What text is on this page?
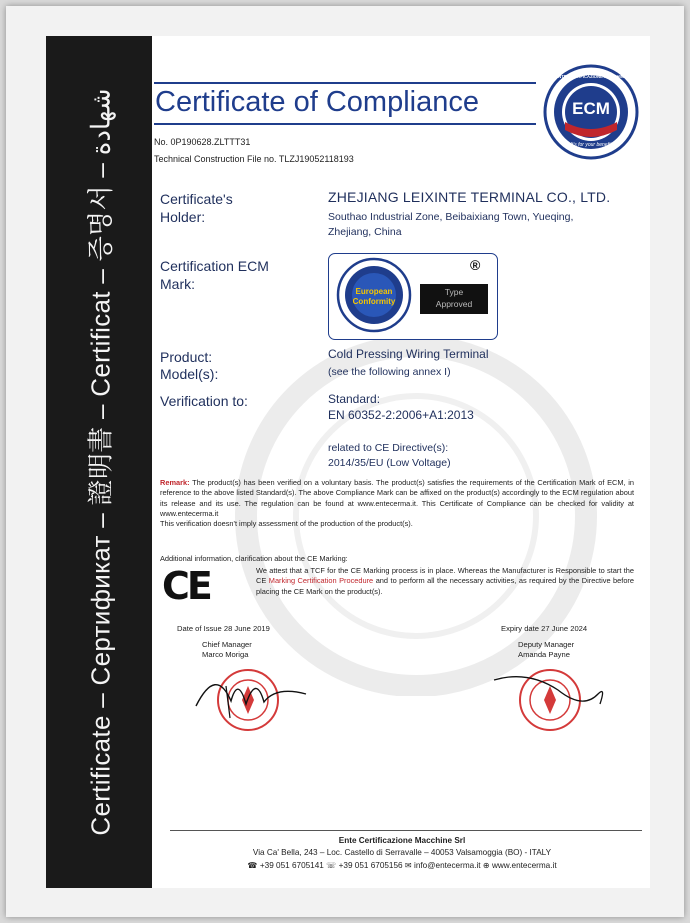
Certificate – Сертификат – 證明書 – Certificat – 증명서 – شهادة Certificate of Compliance	ECM
ENTE CERTIFICAZIONE MACCHINE
It's for your benefit
No. 0P190628.ZLTTT31
Technical Construction File no. TLZJ19052118193
Certificate's
Holder:
ZHEJIANG LEIXINTE TERMINAL CO., LTD.
Southao Industrial Zone, Beibaixiang Town, Yueqing,
Zhejiang, China
Certification ECM
Mark:	European
Conformity
Type
Approved
®
Product:
Model(s):
Cold Pressing Wiring Terminal
(see the following annex I)
Verification to:	Standard:
EN 60352-2:2006+A1:2013
related to CE Directive(s):
2014/35/EU (Low Voltage)
Remark: The product(s) has been verified on a voluntary basis. The product(s) satisfies the requirements of the Certification Mark of ECM, in reference to the above listed Standard(s). The above Compliance Mark can be affixed on the product(s) accordingly to the ECM regulation about its release and its use. The regulation can be found at www.entecerma.it. This Certificate of Compliance can be checked for validity at www.entecerma.it
This verification doesn't imply assessment of the production of the product(s).
Additional information, clarification about the CE Marking:
CE	We attest that a TCF for the CE Marking process is in place. Whereas the Manufacturer is Responsible to start the CE Marking Certification Procedure and to perform all the necessary activities, as required by the Directive before placing the CE Mark on the product(s).
Date of Issue 28 June 2019	Expiry date 27 June 2024
Chief Manager
Marco Moriga
Deputy Manager
Amanda Payne
Ente Certificazione Macchine Srl
Via Ca' Bella, 243 – Loc. Castello di Serravalle – 40053 Valsamoggia (BO) - ITALY
☎ +39 051 6705141 ☏ +39 051 6705156 ✉ info@entecerma.it ⊕ www.entecerma.it
